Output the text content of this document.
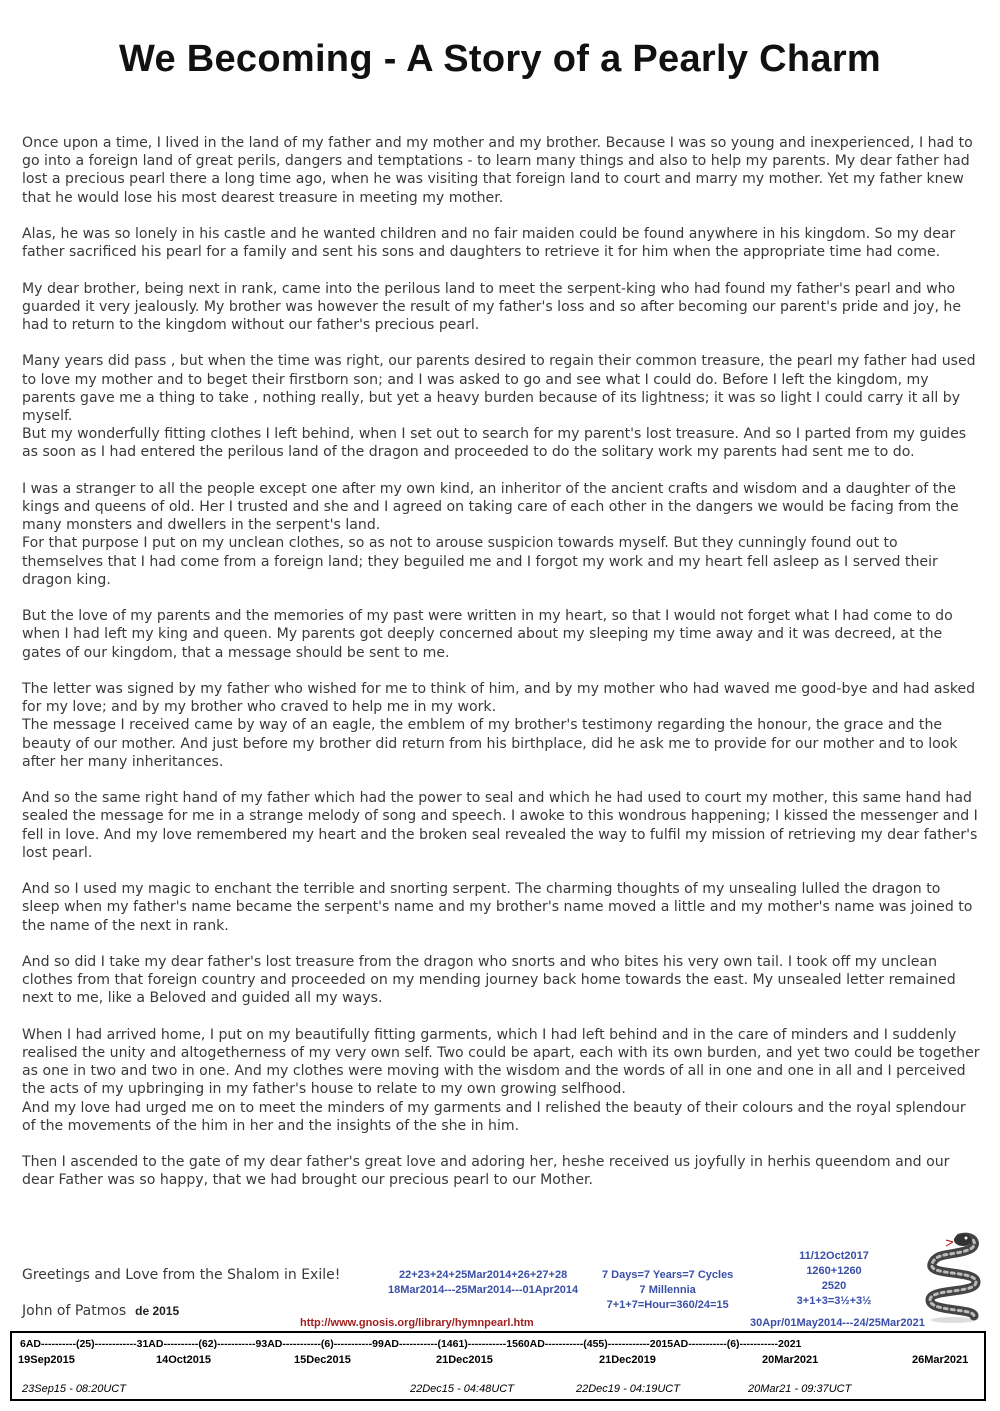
We Becoming - A Story of a Pearly Charm

Once upon a time, I lived in the land of my father and my mother and my brother. Because I was so young and inexperienced, I had to go into a foreign land of great perils, dangers and temptations - to learn many things and also to help my parents. My dear father had lost a precious pearl there a long time ago, when he was visiting that foreign land to court and marry my mother. Yet my father knew that he would lose his most dearest treasure in meeting my mother.

Alas, he was so lonely in his castle and he wanted children and no fair maiden could be found anywhere in his kingdom. So my dear father sacrificed his pearl for a family and sent his sons and daughters to retrieve it for him when the appropriate time had come.

My dear brother, being next in rank, came into the perilous land to meet the serpent-king who had found my father's pearl and who guarded it very jealously. My brother was however the result of my father's loss and so after becoming our parent's pride and joy, he had to return to the kingdom without our father's precious pearl.

Many years did pass , but when the time was right, our parents desired to regain their common treasure, the pearl my father had used to love my mother and to beget their firstborn son; and I was asked to go and see what I could do. Before I left the kingdom, my parents gave me a thing to take , nothing really, but yet a heavy burden because of its lightness; it was so light I could carry it all by myself.
But my wonderfully fitting clothes I left behind, when I set out to search for my parent's lost treasure. And so I parted from my guides as soon as I had entered the perilous land of the dragon and proceeded to do the solitary work my parents had sent me to do.

I was a stranger to all the people except one after my own kind, an inheritor of the ancient crafts and wisdom and a daughter of the kings and queens of old. Her I trusted and she and I agreed on taking care of each other in the dangers we would be facing from the many monsters and dwellers in the serpent's land.
For that purpose I put on my unclean clothes, so as not to arouse suspicion towards myself. But they cunningly found out to themselves that I had come from a foreign land; they beguiled me and I forgot my work and my heart fell asleep as I served their dragon king.

But the love of my parents and the memories of my past were written in my heart, so that I would not forget what I had come to do when I had left my king and queen. My parents got deeply concerned about my sleeping my time away and it was decreed, at the gates of our kingdom, that a message should be sent to me.

The letter was signed by my father who wished for me to think of him, and by my mother who had waved me good-bye and had asked for my love; and by my brother who craved to help me in my work.
The message I received came by way of an eagle, the emblem of my brother's testimony regarding the honour, the grace and the beauty of our mother. And just before my brother did return from his birthplace, did he ask me to provide for our mother and to look after her many inheritances.

And so the same right hand of my father which had the power to seal and which he had used to court my mother, this same hand had sealed the message for me in a strange melody of song and speech. I awoke to this wondrous happening; I kissed the messenger and I fell in love. And my love remembered my heart and the broken seal revealed the way to fulfil my mission of retrieving my dear father's lost pearl.

And so I used my magic to enchant the terrible and snorting serpent. The charming thoughts of my unsealing lulled the dragon to sleep when my father's name became the serpent's name and my brother's name moved a little and my mother's name was joined to the name of the next in rank.

And so did I take my dear father's lost treasure from the dragon who snorts and who bites his very own tail. I took off my unclean clothes from that foreign country and proceeded on my mending journey back home towards the east. My unsealed letter remained next to me, like a Beloved and guided all my ways.

When I had arrived home, I put on my beautifully fitting garments, which I had left behind and in the care of minders and I suddenly realised the unity and altogetherness of my very own self. Two could be apart, each with its own burden, and yet two could be together as one in two and two in one. And my clothes were moving with the wisdom and the words of all in one and one in all and I perceived the acts of my upbringing in my father's house to relate to my own growing selfhood.
And my love had urged me on to meet the minders of my garments and I relished the beauty of their colours and the royal splendour of the movements of the him in her and the insights of the she in him.

Then I ascended to the gate of my dear father's great love and adoring her, heshe received us joyfully in herhis queendom and our dear Father was so happy, that we had brought our precious pearl to our Mother.

Greetings and Love from the Shalom in Exile!
John of Patmos de 2015
22+23+24+25Mar2014+26+27+28
18Mar2014---25Mar2014---01Apr2014
7 Days=7 Years=7 Cycles
7 Millennia
7+1+7=Hour=360/24=15
11/12Oct2017
1260+1260
2520
3+1+3=3½+3½
30Apr/01May2014---24/25Mar2021
http://www.gnosis.org/library/hymnpearl.htm
6AD----------(25)------------31AD----------(62)-----------93AD-----------(6)-----------99AD-----------(1461)-----------1560AD-----------(455)------------2015AD-----------(6)-----------2021
19Sep2015	14Oct2015	15Dec2015	21Dec2015	21Dec2019	20Mar2021	26Mar2021
23Sep15 - 08:20UCT	22Dec15 - 04:48UCT	22Dec19 - 04:19UCT	20Mar21 - 09:37UCT
